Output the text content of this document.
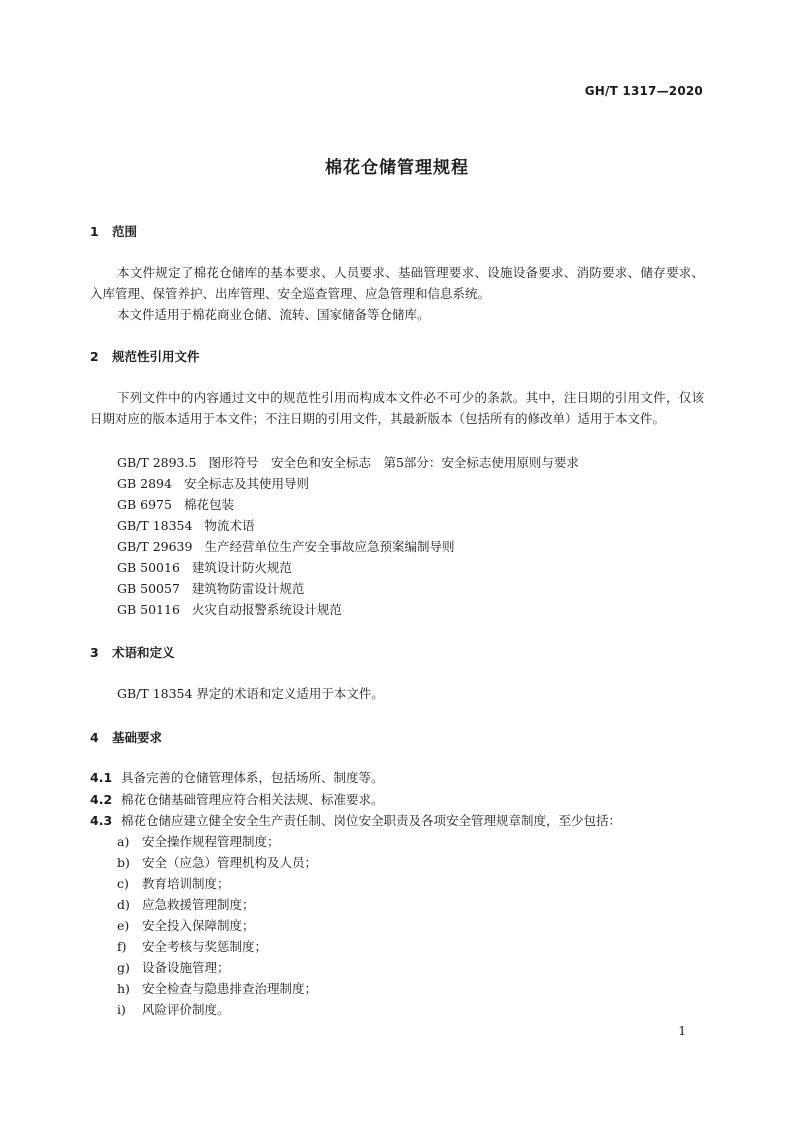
GH/T 1317—2020
棉花仓储管理规程
1 范围
本文件规定了棉花仓储库的基本要求、人员要求、基础管理要求、设施设备要求、消防要求、储存要求、入库管理、保管养护、出库管理、安全巡查管理、应急管理和信息系统。
本文件适用于棉花商业仓储、流转、国家储备等仓储库。
2 规范性引用文件
下列文件中的内容通过文中的规范性引用而构成本文件必不可少的条款。其中，注日期的引用文件，仅该日期对应的版本适用于本文件；不注日期的引用文件，其最新版本（包括所有的修改单）适用于本文件。
GB/T 2893.5 图形符号　安全色和安全标志　第5部分：安全标志使用原则与要求
GB 2894 安全标志及其使用导则
GB 6975 棉花包装
GB/T 18354 物流术语
GB/T 29639 生产经营单位生产安全事故应急预案编制导则
GB 50016 建筑设计防火规范
GB 50057 建筑物防雷设计规范
GB 50116 火灾自动报警系统设计规范
3 术语和定义
GB/T 18354 界定的术语和定义适用于本文件。
4 基础要求
4.1 具备完善的仓储管理体系，包括场所、制度等。
4.2 棉花仓储基础管理应符合相关法规、标准要求。
4.3 棉花仓储应建立健全安全生产责任制、岗位安全职责及各项安全管理规章制度，至少包括：
a) 安全操作规程管理制度；
b) 安全（应急）管理机构及人员；
c) 教育培训制度；
d) 应急救援管理制度；
e) 安全投入保障制度；
f) 安全考核与奖惩制度；
g) 设备设施管理；
h) 安全检查与隐患排查治理制度；
i) 风险评价制度。
1
